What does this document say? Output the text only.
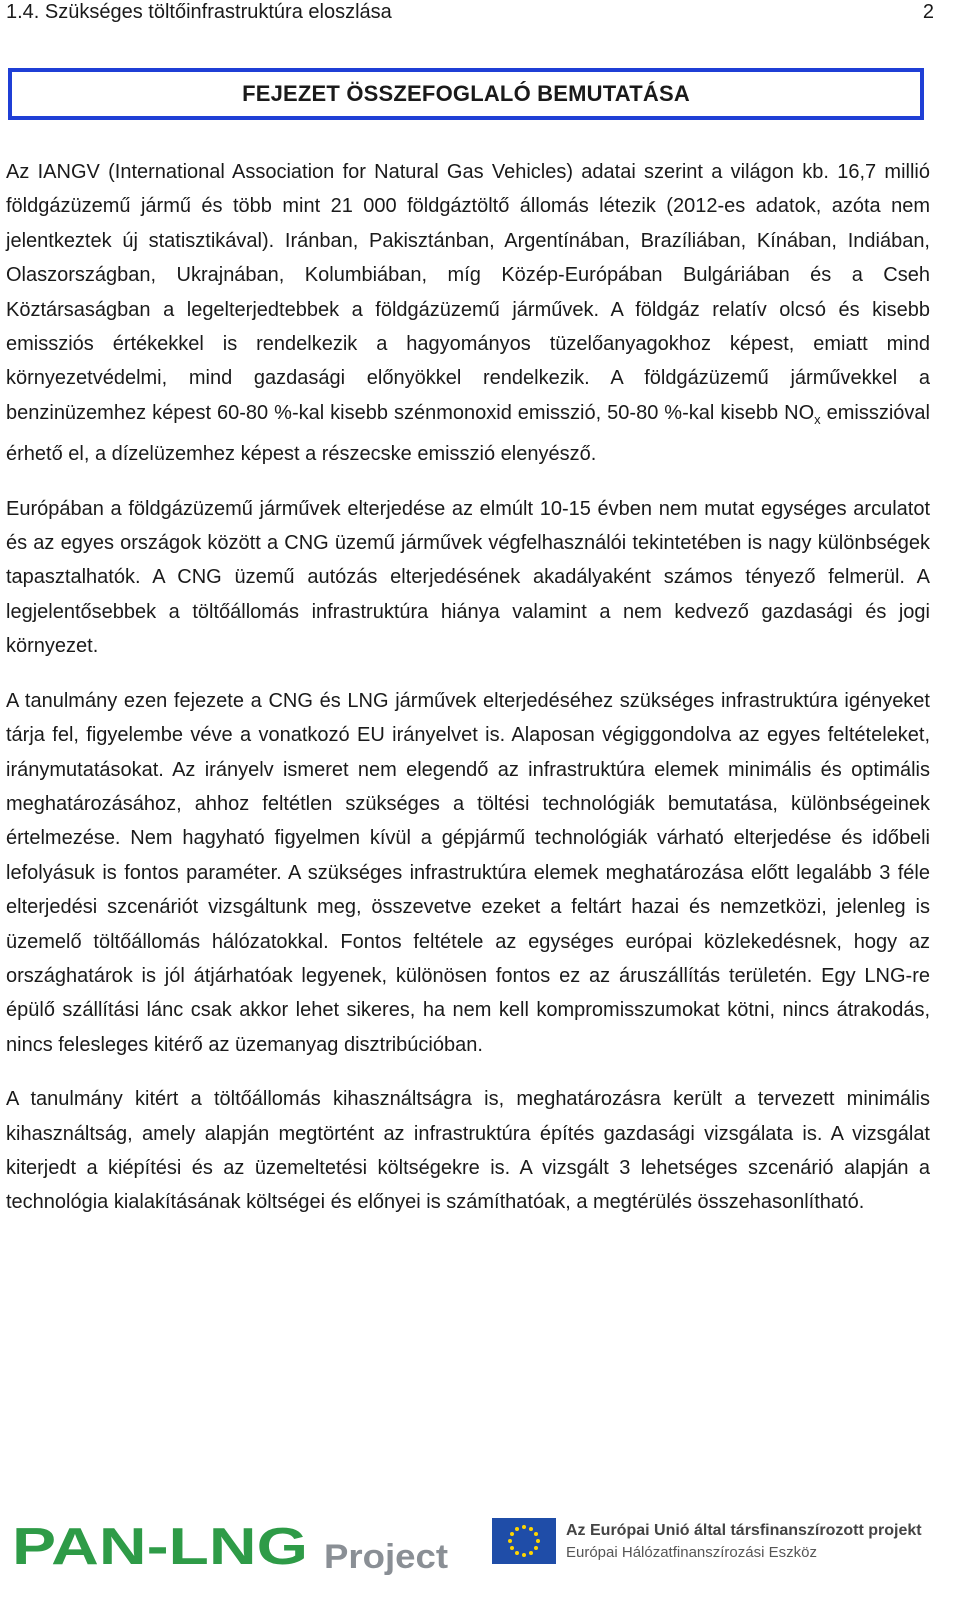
1.4. Szükséges töltőinfrastruktúra eloszlása	2
FEJEZET ÖSSZEFOGLALÓ BEMUTATÁSA

Az IANGV (International Association for Natural Gas Vehicles) adatai szerint a világon kb. 16,7 millió földgázüzemű jármű és több mint 21 000 földgáztöltő állomás létezik (2012-es adatok, azóta nem jelentkeztek új statisztikával). Iránban, Pakisztánban, Argentínában, Brazíliában, Kínában, Indiában, Olaszországban, Ukrajnában, Kolumbiában, míg Közép-Európában Bulgáriában és a Cseh Köztársaságban a legelterjedtebbek a földgázüzemű járművek. A földgáz relatív olcsó és kisebb emissziós értékekkel is rendelkezik a hagyományos tüzelőanyagokhoz képest, emiatt mind környezetvédelmi, mind gazdasági előnyökkel rendelkezik. A földgázüzemű járművekkel a benzinüzemhez képest 60-80 %-kal kisebb szénmonoxid emisszió, 50-80 %-kal kisebb $NO_x$ emisszióval érhető el, a dízelüzemhez képest a részecske emisszió elenyésző.

Európában a földgázüzemű járművek elterjedése az elmúlt 10-15 évben nem mutat egységes arculatot és az egyes országok között a CNG üzemű járművek végfelhasználói tekintetében is nagy különbségek tapasztalhatók. A CNG üzemű autózás elterjedésének akadályaként számos tényező felmerül. A legjelentősebbek a töltőállomás infrastruktúra hiánya valamint a nem kedvező gazdasági és jogi környezet.

A tanulmány ezen fejezete a CNG és LNG járművek elterjedéséhez szükséges infrastruktúra igényeket tárja fel, figyelembe véve a vonatkozó EU irányelvet is. Alaposan végiggondolva az egyes feltételeket, iránymutatásokat. Az irányelv ismeret nem elegendő az infrastruktúra elemek minimális és optimális meghatározásához, ahhoz feltétlen szükséges a töltési technológiák bemutatása, különbségeinek értelmezése. Nem hagyható figyelmen kívül a gépjármű technológiák várható elterjedése és időbeli lefolyásuk is fontos paraméter. A szükséges infrastruktúra elemek meghatározása előtt legalább 3 féle elterjedési szcenáriót vizsgáltunk meg, összevetve ezeket a feltárt hazai és nemzetközi, jelenleg is üzemelő töltőállomás hálózatokkal. Fontos feltétele az egységes európai közlekedésnek, hogy az országhatárok is jól átjárhatóak legyenek, különösen fontos ez az áruszállítás területén. Egy LNG-re épülő szállítási lánc csak akkor lehet sikeres, ha nem kell kompromisszumokat kötni, nincs átrakodás, nincs felesleges kitérő az üzemanyag disztribúcióban.

A tanulmány kitért a töltőállomás kihasználtságra is, meghatározásra került a tervezett minimális kihasználtság, amely alapján megtörtént az infrastruktúra építés gazdasági vizsgálata is. A vizsgálat kiterjedt a kiépítési és az üzemeltetési költségekre is. A vizsgált 3 lehetséges szcenárió alapján a technológia kialakításának költségei és előnyei is számíthatóak, a megtérülés összehasonlítható.

PAN-LNG Project
Az Európai Unió által társfinanszírozott projekt
Európai Hálózatfinanszírozási Eszköz
